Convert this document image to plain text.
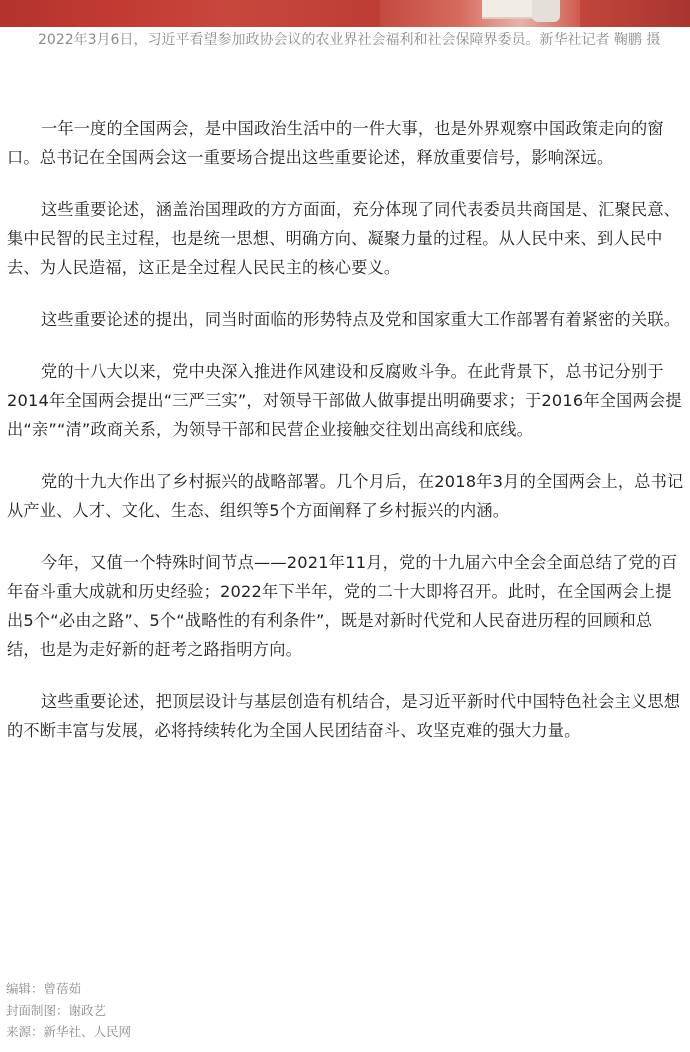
2022年3月6日，习近平看望参加政协会议的农业界社会福利和社会保障界委员。新华社记者 鞠鹏 摄

一年一度的全国两会，是中国政治生活中的一件大事，也是外界观察中国政策走向的窗口。总书记在全国两会这一重要场合提出这些重要论述，释放重要信号，影响深远。

这些重要论述，涵盖治国理政的方方面面，充分体现了同代表委员共商国是、汇聚民意、集中民智的民主过程，也是统一思想、明确方向、凝聚力量的过程。从人民中来、到人民中去、为人民造福，这正是全过程人民民主的核心要义。

这些重要论述的提出，同当时面临的形势特点及党和国家重大工作部署有着紧密的关联。

党的十八大以来，党中央深入推进作风建设和反腐败斗争。在此背景下，总书记分别于2014年全国两会提出“三严三实”，对领导干部做人做事提出明确要求；于2016年全国两会提出“亲”“清”政商关系，为领导干部和民营企业接触交往划出高线和底线。

党的十九大作出了乡村振兴的战略部署。几个月后，在2018年3月的全国两会上，总书记从产业、人才、文化、生态、组织等5个方面阐释了乡村振兴的内涵。

今年，又值一个特殊时间节点——2021年11月，党的十九届六中全会全面总结了党的百年奋斗重大成就和历史经验；2022年下半年，党的二十大即将召开。此时，在全国两会上提出5个“必由之路”、5个“战略性的有利条件”，既是对新时代党和人民奋进历程的回顾和总结，也是为走好新的赶考之路指明方向。

这些重要论述，把顶层设计与基层创造有机结合，是习近平新时代中国特色社会主义思想的不断丰富与发展，必将持续转化为全国人民团结奋斗、攻坚克难的强大力量。

编辑：曾蓓茹
封面制图：谢政艺
来源：新华社、人民网
